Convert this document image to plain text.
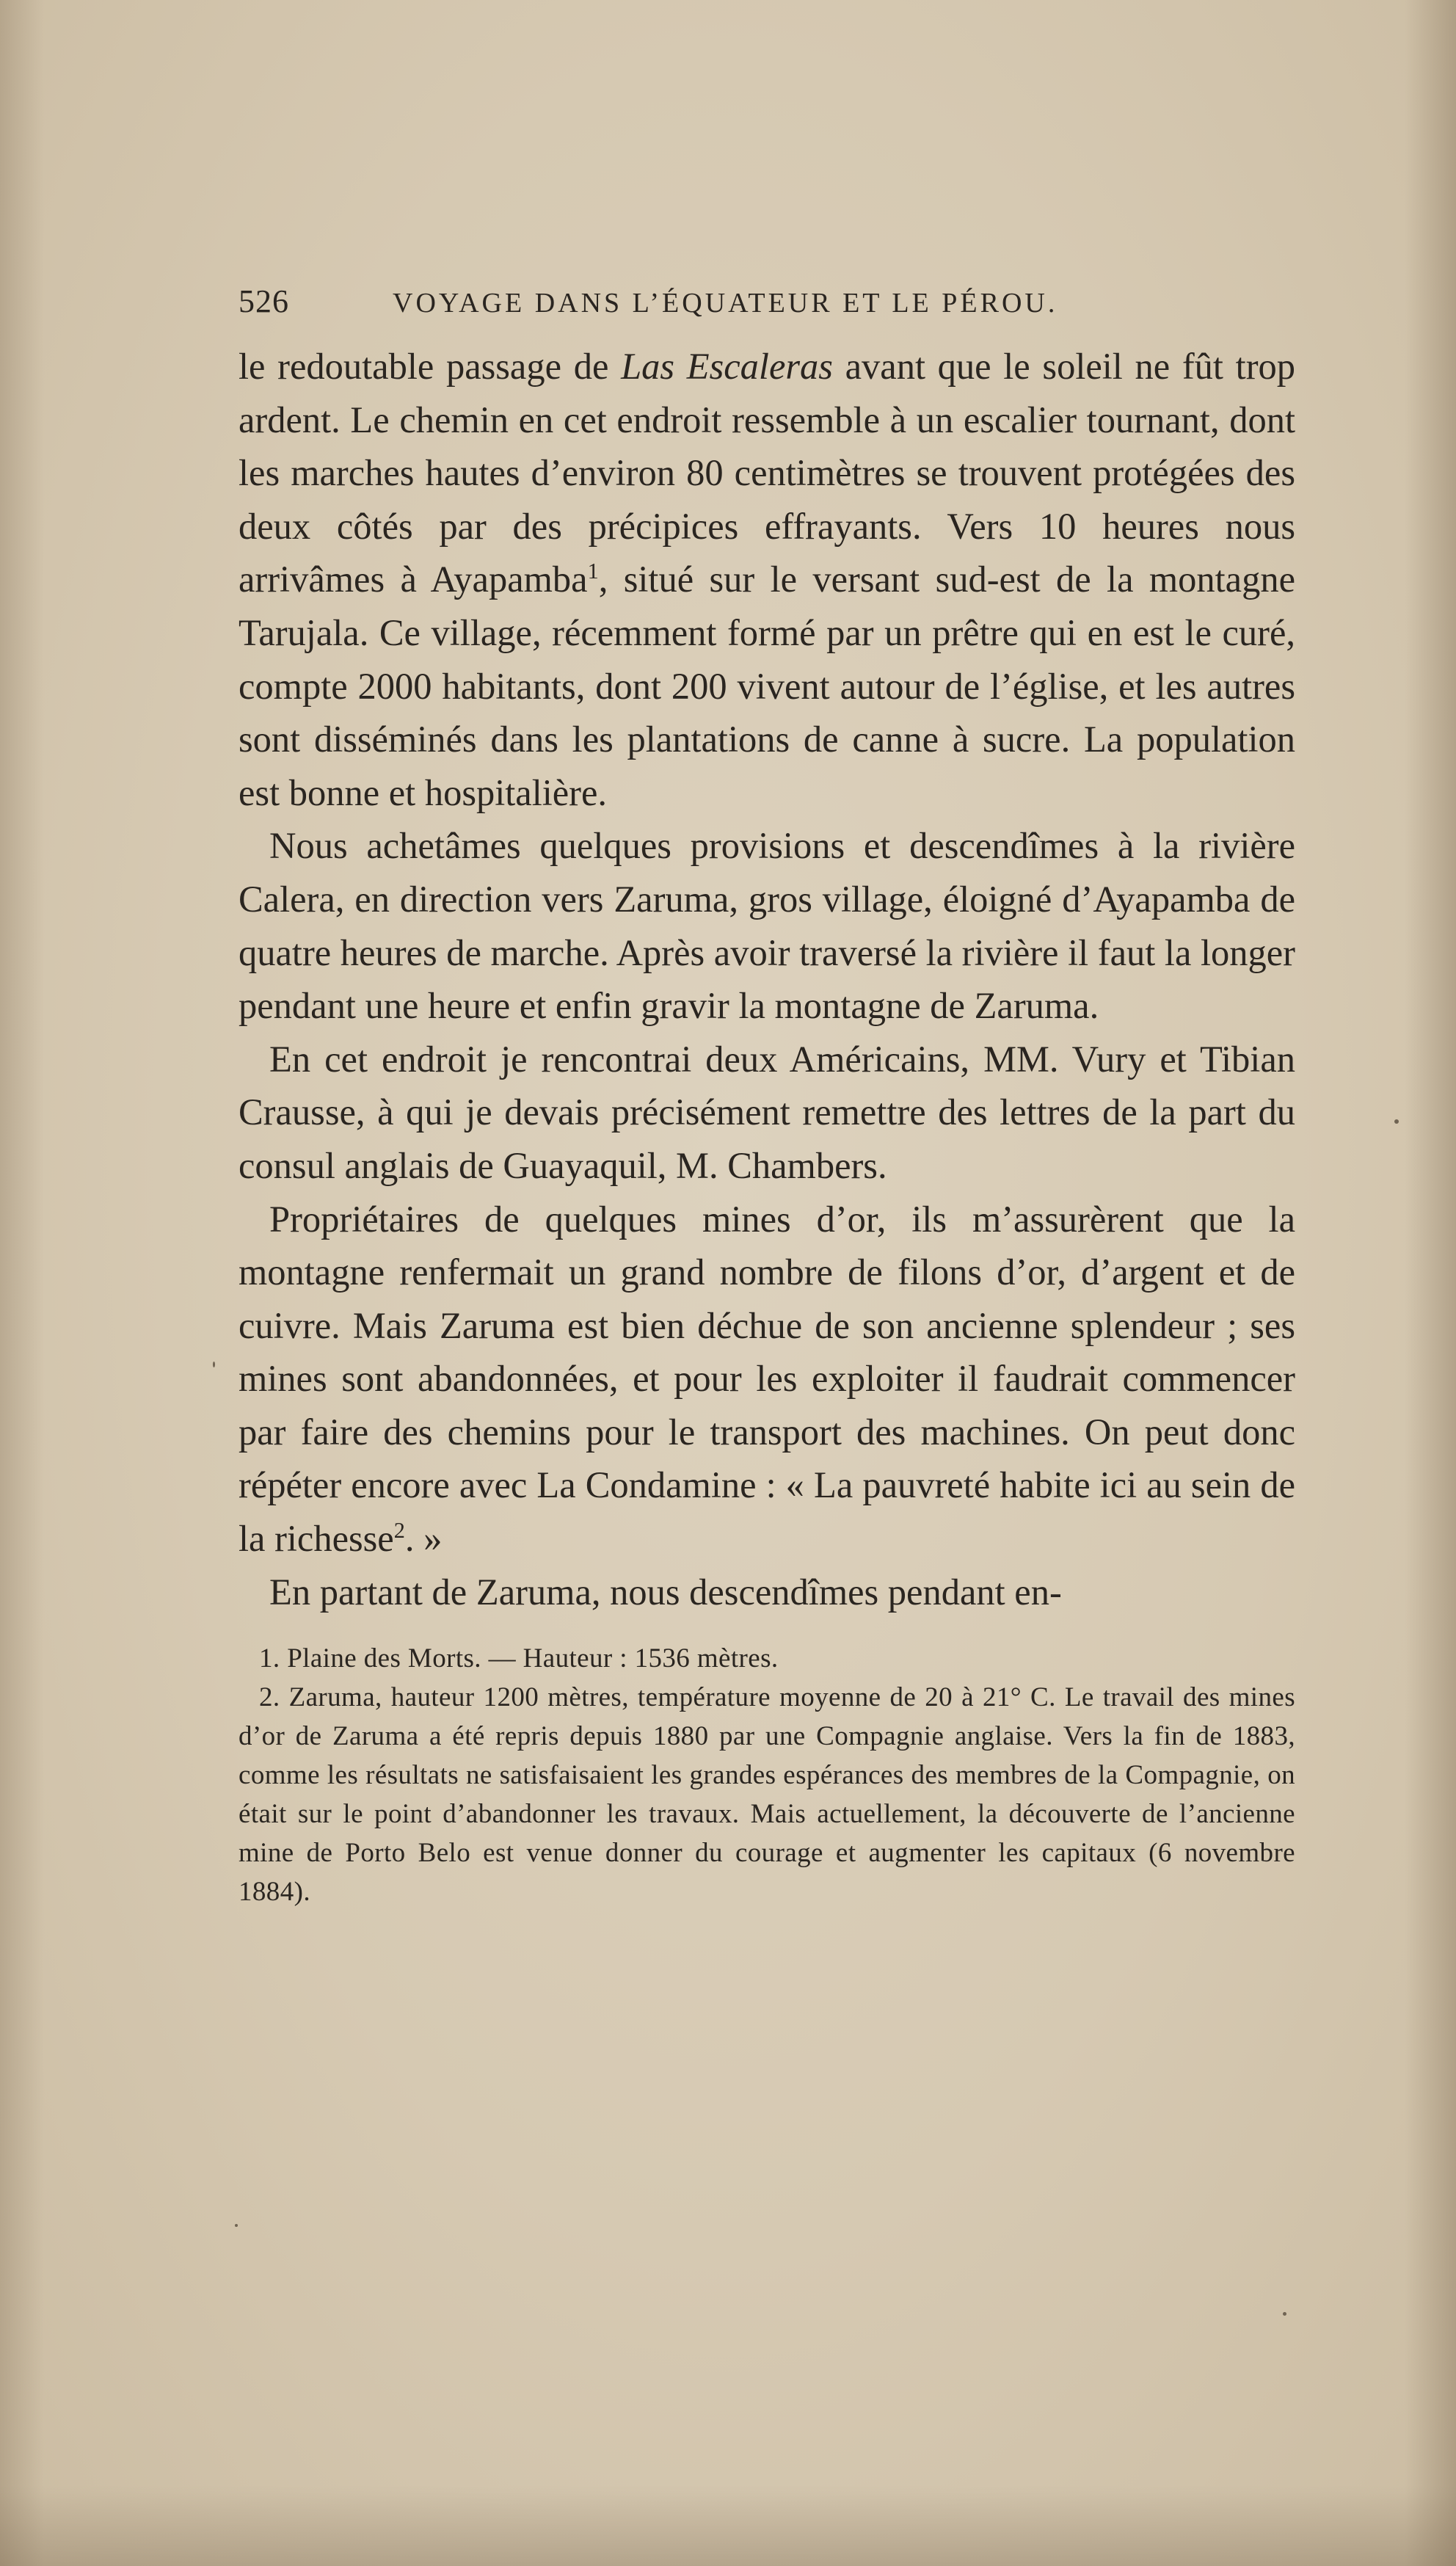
526	VOYAGE DANS L’ÉQUATEUR ET LE PÉROU.

le redoutable passage de Las Escaleras avant que le soleil ne fût trop ardent. Le chemin en cet endroit ressemble à un escalier tournant, dont les marches hautes d’environ 80 centimètres se trouvent protégées des deux côtés par des précipices effrayants. Vers 10 heures nous arrivâmes à Ayapamba$^1$, situé sur le versant sud-est de la montagne Tarujala. Ce village, récemment formé par un prêtre qui en est le curé, compte 2000 habitants, dont 200 vivent autour de l’église, et les autres sont disséminés dans les plantations de canne à sucre. La population est bonne et hospitalière.

Nous achetâmes quelques provisions et descendîmes à la rivière Calera, en direction vers Zaruma, gros village, éloigné d’Ayapamba de quatre heures de marche. Après avoir traversé la rivière il faut la longer pendant une heure et enfin gravir la montagne de Zaruma.

En cet endroit je rencontrai deux Américains, MM. Vury et Tibian Crausse, à qui je devais précisément remettre des lettres de la part du consul anglais de Guayaquil, M. Chambers.

Propriétaires de quelques mines d’or, ils m’assurèrent que la montagne renfermait un grand nombre de filons d’or, d’argent et de cuivre. Mais Zaruma est bien déchue de son ancienne splendeur ; ses mines sont abandonnées, et pour les exploiter il faudrait commencer par faire des chemins pour le transport des machines. On peut donc répéter encore avec La Condamine : « La pauvreté habite ici au sein de la richesse$^2$. »

En partant de Zaruma, nous descendîmes pendant en-

1. Plaine des Morts. — Hauteur : 1536 mètres.

2. Zaruma, hauteur 1200 mètres, température moyenne de 20 à 21° C. Le travail des mines d’or de Zaruma a été repris depuis 1880 par une Compagnie anglaise. Vers la fin de 1883, comme les résultats ne satisfaisaient les grandes espérances des membres de la Compagnie, on était sur le point d’abandonner les travaux. Mais actuellement, la découverte de l’ancienne mine de Porto Belo est venue donner du courage et augmenter les capitaux (6 novembre 1884).
